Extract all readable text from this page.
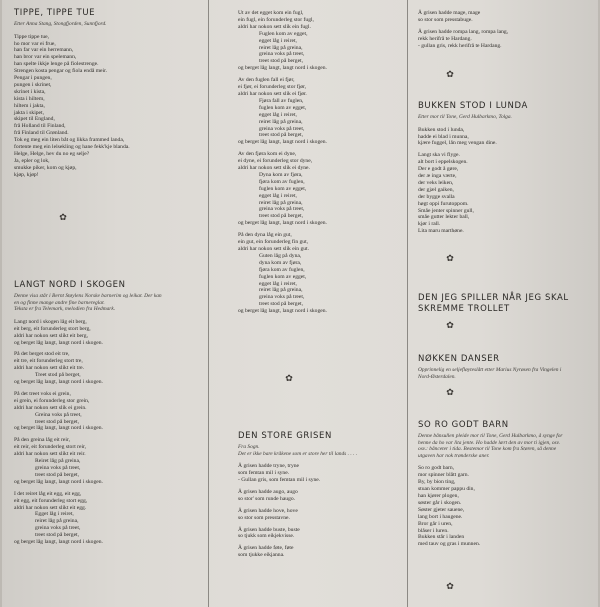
TIPPE, TIPPE TUE
Etter Anna Stang, Stongfjorden, Sunnfjord.
Tippe tippe tue,
ho mor var ei frue,
han far var ein herremann,
han bror var ein spelemann,
han spelte ikkje lenge på fiolestrenge.
Strengen kosta pengar og fiola endå meir.
Pengar i pungen,
pungen i skrinet,
skrinet i kista,
kista i hiltem,
hiltem i jakta,
jakta i skipet,
skipet til England,
frå Holland til Finland,
frå Finland til Grønland.
Tok eg meg ein liten båt og likka frammed landa,
fortente meg ein lelsekling og hane fekk'kje blanda.
Helge, Helge, hev du no eg selje?
Ja, epler og lok,
smukke piker, kom og kjøp,
kjøp, kjøp!
✿
LANGT NORD I SKOGEN
Denne visa står i Bernt Støylens Norske barnerim og leikar. Der kan
en og finne mange andre fine barnereglar.
Teksta er fra Telemark, melodien fra Hedmark.
Langt nord i skogen låg eit berg,
eit berg, eit forunderleg stort berg,
aldri har nokon sett slikt eit berg,
og berget låg langt, langt nord i skogen.
På det berget stod eit tre,
eit tre, eit forunderleg stort tre,
aldri har nokon sett slikt eit tre.
Treet stod på berget,
og berget låg langt, langt nord i skogen.
På det treet voks ei grein,
ei grein, ei forunderleg stor grein,
aldri har nokon sett slik ei grein.
Greina voks på treet,
treet stod på berget,
og berget låg langt, langt nord i skogen.
På den greina låg eit reir,
eit reir, eit forunderleg stort reir,
aldri har nokon sett slikt eit reir.
Reiret låg på greina,
greina voks på treet,
treet stod på berget,
og berget låg langt, langt nord i skogen.
I det reiret låg eit egg, eit egg,
eit egg, eit forunderleg stort egg,
aldri har nokon sett slikt eit egg.
Egget låg i reiret,
reiret låg på greina,
greina voks på treet,
treet stod på berget,
og berget låg langt, langt nord i skogen.
Ut av det egget kom ein fugl,
ein fugl, ein forunderleg stor fugl,
aldri har nokon sett slik ein fugl.
Fuglen kom av egget,
egget låg i reiret,
reiret låg på greina,
greina voks på treet,
treet stod på berget,
og berget låg langt, langt nord i skogen.
Av den fuglen fall ei fjør,
ei fjør, ei forunderleg stor fjør,
aldri har nokon sett slik ei fjør.
Fjøra fall av fuglen,
fuglen kom av egget,
egget låg i reiret,
reiret låg på greina,
greina voks på treet,
treet stod på berget,
og berget låg langt, langt nord i skogen.
Av den fjøra kom ei dyne,
ei dyne, ei forunderleg stor dyne,
aldri har nokon sett slik ei dyne.
Dyna kom av fjøra,
fjøra kom av fuglen,
fuglen kom av egget,
egget låg i reiret,
reiret låg på greina,
greina voks på treet,
treet stod på berget,
og berget låg langt, langt nord i skogen.
På den dyna låg ein gut,
ein gut, ein forunderleg fin gut,
aldri har nokon sett slik ein gut.
Guten låg på dyna,
dyna kom av fjøra,
fjøra kom av fuglen,
fuglen kom av egget,
egget låg i reiret,
reiret låg på greina,
greina voks på treet,
treet stod på berget,
og berget låg langt, langt nord i skogen.
✿
DEN STORE GRISEN
Fra Sogn.
Det er ikke bare kråkene som er store her til lands . . . .
Å grisen hadde tryne, tryne
som femtan mil i syne.
- Gullan gris, som femtan mil i syne.
Å grisen hadde augo, augo
so stor' som runde haugo.
Å grisen hadde hove, hove
so stor som presstavne.
Å grisen hadde buste, buste
so tjukk som eikjekvisse.
Å grisen hadde føte, føte
som tjukke eikjanna.
Å grisen hadde mage, mage
so stor som presstabuge.
Å grisen hadde rompa lang, rompa lang,
rekk herifrå te Hardang.
- gullan gris, rekk herifrå te Hardang.
✿
BUKKEN STOD I LUNDA
Etter mor til Tone, Gerd Hulbarkmo, Tolga.
Bukken stod i lunda,
hadde ei blad i munna,
kjære fuggel, lån meg vengan dine.
Langt ska vi flyge.
alt bort i eppelskogen.
Der e godt å gøre,
der æ inga værte,
der veks leiken,
der gjæl gaiken,
der bygge svalla
høgt oppi furutoppom.
Småe jenter spinner gull,
småe gutter lekter ball,
kjør i rall.
Lita maru marthøne.
✿
DEN JEG SPILLER NÅR JEG SKAL
SKREMME TROLLET
✿
NØKKEN DANSER
Opprinnelig en seljefløyteslått etter Marius Nyrøsen fra Vingelen i
Nord-Østerdalen.
✿
SO RO GODT BARN
Denne bånsullen pleide mor til Tone, Gerd Hulbarkmo, å synge for
henne da ho var lita jente. Ho hadde lært den av mor ti igjen, osv.
osv.: bånceter i tida. Bestemor til Tone kom fra Støren, så denne
utgaven har nok trønderske aner.
So ro godt barn,
mor spinner blått garn.
By, by bion ting,
stuan kommer pappu din,
han kjører plogen,
søster går i skogen.
Søster gjeter sauene,
lang bort i haugene.
Bror går i uren,
blåser i luren.
Bukken står i landen
med tauv og gras i munnen.
✿
